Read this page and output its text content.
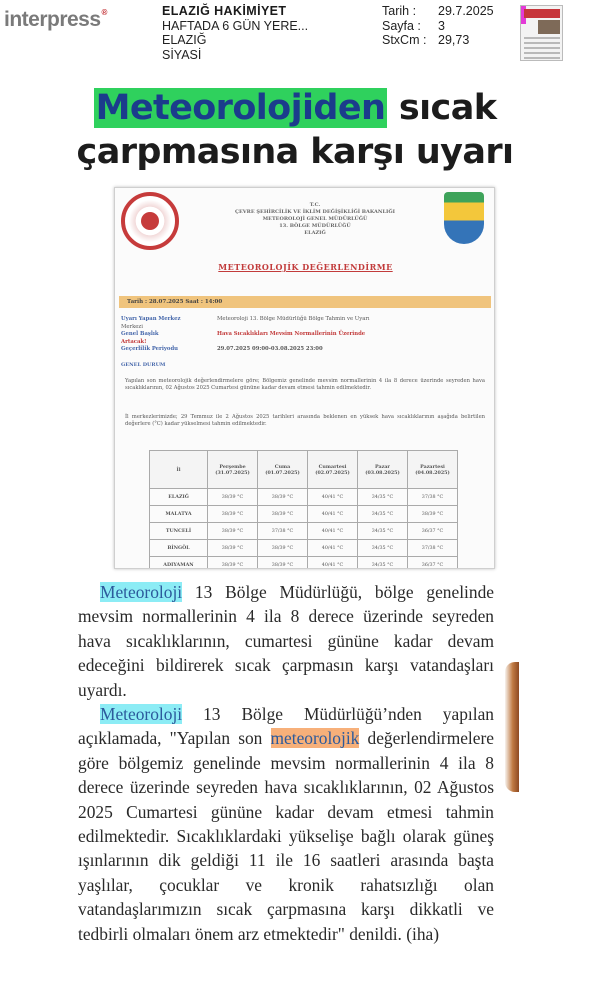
interpress®	ELAZIĞ HAKİMİYET
HAFTADA 6 GÜN YERE...
ELAZIĞ
SİYASİ
Tarih :	29.7.2025
Sayfa :	3
StxCm : 29,73
Meteorolojiden sıcak
çarpmasına karşı uyarı
T.C.
ÇEVRE ŞEHİRCİLİK VE İKLİM DEĞİŞİKLİĞİ BAKANLIĞI
METEOROLOJİ GENEL MÜDÜRLÜĞÜ
13. BÖLGE MÜDÜRLÜĞÜ
ELAZIĞ
METEOROLOJİK DEĞERLENDİRME
Tarih : 28.07.2025 Saat : 14:00
Uyarı Yapan Merkez	Meteoroloji 13. Bölge Müdürlüğü Bölge Tahmin ve Uyarı Merkezi
Genel Başlık	Hava Sıcaklıkları Mevsim Normallerinin Üzerinde Artacak!
Geçerlilik Periyodu	29.07.2025 09:00-03.08.2025 23:00
GENEL DURUM
Yapılan son meteorolojik değerlendirmelere göre; Bölgemiz genelinde mevsim normallerinin 4 ila 8 derece üzerinde seyreden hava sıcaklıklarının, 02 Ağustos 2025 Cumartesi gününe kadar devam etmesi tahmin edilmektedir.
İl merkezlerimizde; 29 Temmuz ile 2 Ağustos 2025 tarihleri arasında beklenen en yüksek hava sıcaklıklarının aşağıda belirtilen değerlere (°C) kadar yükselmesi tahmin edilmektedir.
İl	Perşembe (31.07.2025)	Cuma (01.07.2025)	Cumartesi (02.07.2025)	Pazar (03.08.2025)	Pazartesi (04.08.2025)
ELAZIĞ	38/39 °C	38/39 °C	40/41 °C	34/35 °C	37/38 °C
MALATYA	38/39 °C	38/39 °C	40/41 °C	34/35 °C	38/39 °C
TUNCELİ	38/39 °C	37/38 °C	40/41 °C	34/35 °C	36/37 °C
BİNGÖL	38/39 °C	38/39 °C	40/41 °C	34/35 °C	37/38 °C
ADIYAMAN	38/39 °C	38/39 °C	40/41 °C	34/35 °C	36/37 °C

Meteoroloji 13 Bölge Müdürlüğü, bölge genelinde mevsim normallerinin 4 ila 8 derece üzerinde seyreden hava sıcaklıklarının, cumartesi gününe kadar devam edeceğini bildirerek sıcak çarpmasın karşı vatandaşları uyardı.

Meteoroloji 13 Bölge Müdürlüğü’nden yapılan açıklamada, "Yapılan son meteorolojik değerlendirmelere göre bölgemiz genelinde mevsim normallerinin 4 ila 8 derece üzerinde seyreden hava sıcaklıklarının, 02 Ağustos 2025 Cumartesi gününe kadar devam etmesi tahmin edilmektedir. Sıcaklıklardaki yükselişe bağlı olarak güneş ışınlarının dik geldiği 11 ile 16 saatleri arasında başta yaşlılar, çocuklar ve kronik rahatsızlığı olan vatandaşlarımızın sıcak çarpmasına karşı dikkatli ve tedbirli olmaları önem arz etmektedir" denildi. (iha)
